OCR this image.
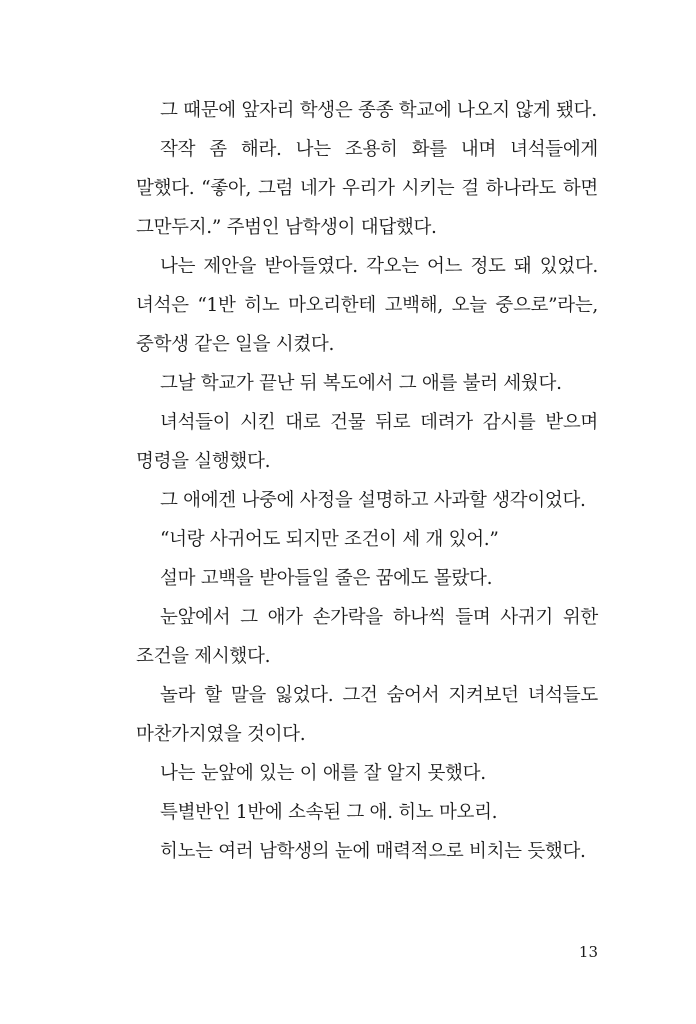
그 때문에 앞자리 학생은 종종 학교에 나오지 않게 됐다.

작작 좀 해라. 나는 조용히 화를 내며 녀석들에게 말했다. “좋아, 그럼 네가 우리가 시키는 걸 하나라도 하면 그만두지.” 주범인 남학생이 대답했다.

나는 제안을 받아들였다. 각오는 어느 정도 돼 있었다. 녀석은 “1반 히노 마오리한테 고백해, 오늘 중으로”라는, 중학생 같은 일을 시켰다.

그날 학교가 끝난 뒤 복도에서 그 애를 불러 세웠다.

녀석들이 시킨 대로 건물 뒤로 데려가 감시를 받으며 명령을 실행했다.

그 애에겐 나중에 사정을 설명하고 사과할 생각이었다.

“너랑 사귀어도 되지만 조건이 세 개 있어.”

설마 고백을 받아들일 줄은 꿈에도 몰랐다.

눈앞에서 그 애가 손가락을 하나씩 들며 사귀기 위한 조건을 제시했다.

놀라 할 말을 잃었다. 그건 숨어서 지켜보던 녀석들도 마찬가지였을 것이다.

나는 눈앞에 있는 이 애를 잘 알지 못했다.

특별반인 1반에 소속된 그 애. 히노 마오리.

히노는 여러 남학생의 눈에 매력적으로 비치는 듯했다.

13
